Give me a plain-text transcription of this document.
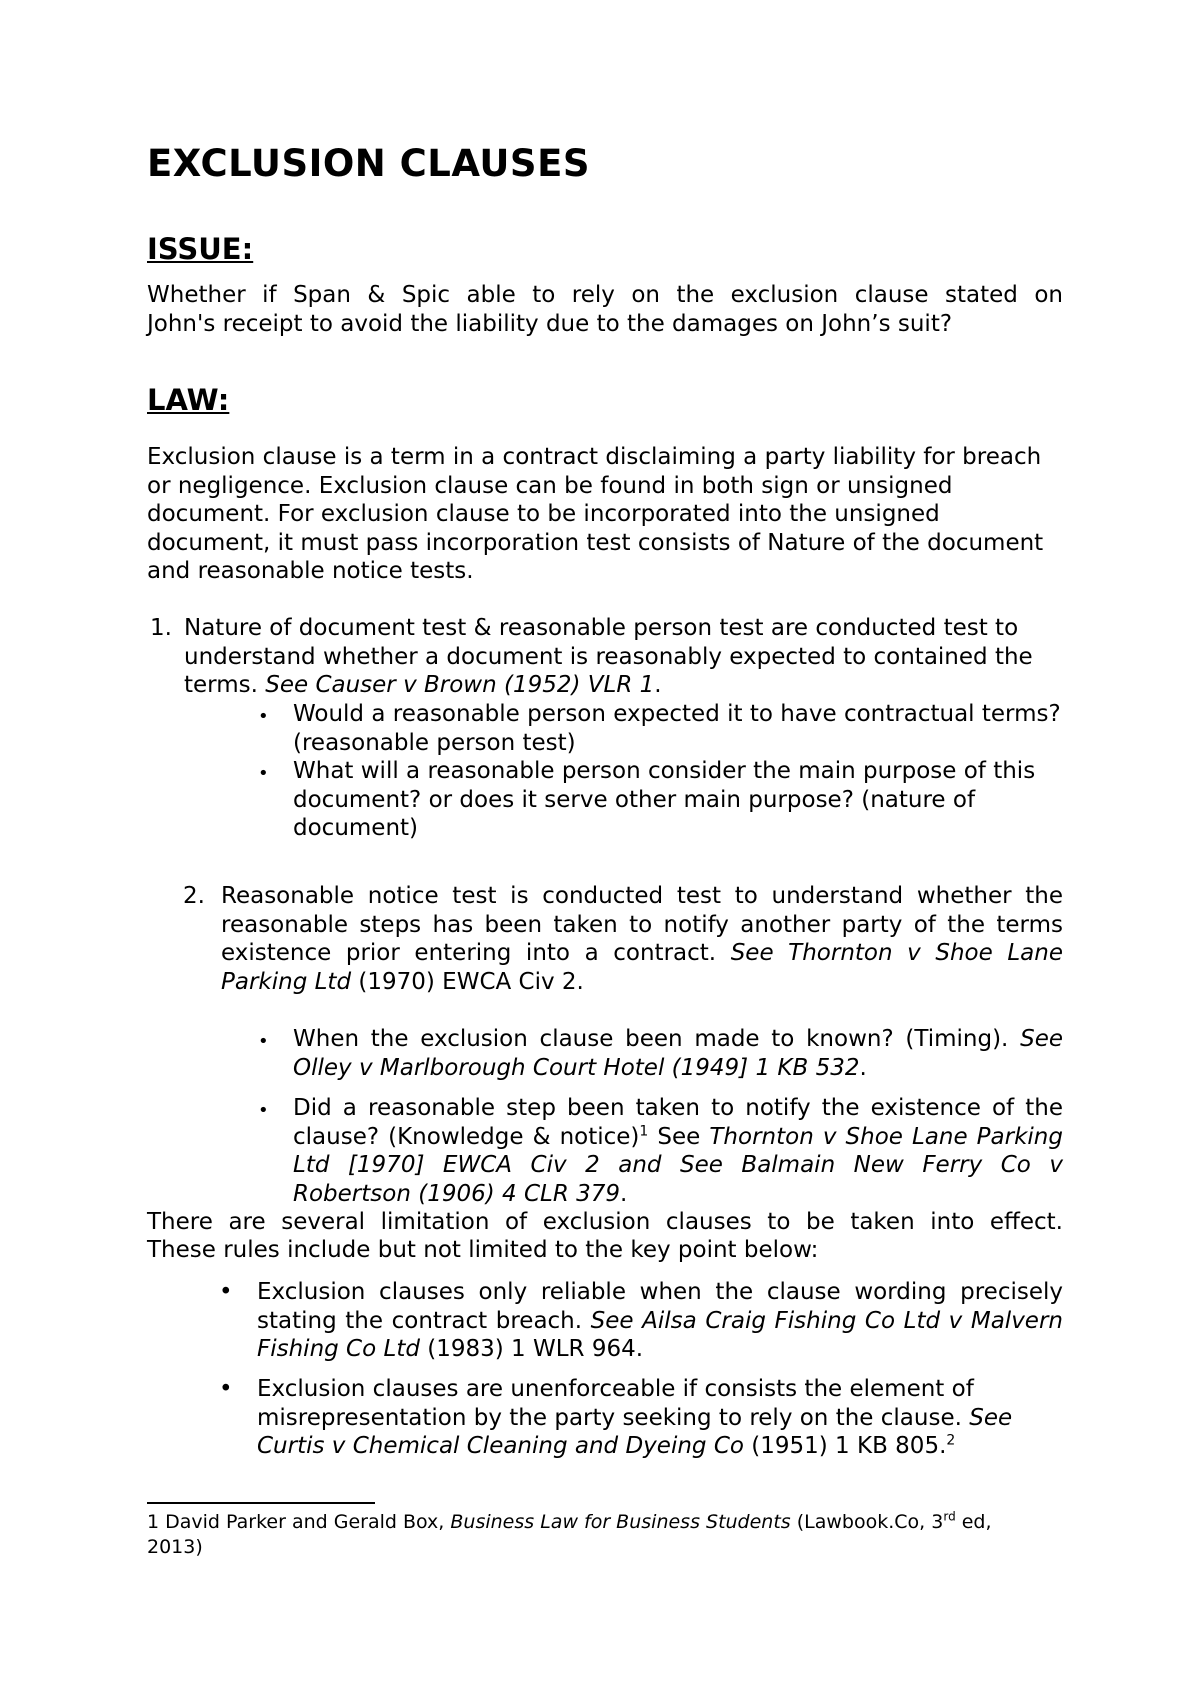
EXCLUSION CLAUSES
ISSUE:

Whether if Span & Spic able to rely on the exclusion clause stated on

John's receipt to avoid the liability due to the damages on John’s suit?

LAW:

Exclusion clause is a term in a contract disclaiming a party liability for breach or negligence. Exclusion clause can be found in both sign or unsigned document. For exclusion clause to be incorporated into the unsigned document, it must pass incorporation test consists of Nature of the document and reasonable notice tests.

1. Nature of document test & reasonable person test are conducted test to understand whether a document is reasonably expected to contained the terms. See Causer v Brown (1952) VLR 1.

• Would a reasonable person expected it to have contractual terms? (reasonable person test)

• What will a reasonable person consider the main purpose of this document? or does it serve other main purpose? (nature of document)

2. Reasonable notice test is conducted test to understand whether the reasonable steps has been taken to notify another party of the terms existence prior entering into a contract. See Thornton v Shoe Lane Parking Ltd (1970) EWCA Civ 2.

• When the exclusion clause been made to known? (Timing). See Olley v Marlborough Court Hotel (1949] 1 KB 532.

• Did a reasonable step been taken to notify the existence of the clause? (Knowledge & notice)$^1$ See Thornton v Shoe Lane Parking Ltd [1970] EWCA Civ 2 and See Balmain New Ferry Co v Robertson (1906) 4 CLR 379.

There are several limitation of exclusion clauses to be taken into effect.

These rules include but not limited to the key point below:

• Exclusion clauses only reliable when the clause wording precisely stating the contract breach. See Ailsa Craig Fishing Co Ltd v Malvern Fishing Co Ltd (1983) 1 WLR 964.

• Exclusion clauses are unenforceable if consists the element of misrepresentation by the party seeking to rely on the clause. See Curtis v Chemical Cleaning and Dyeing Co (1951) 1 KB 805.$^2$

1 David Parker and Gerald Box, Business Law for Business Students (Lawbook.Co, 3rd ed,
2013)
